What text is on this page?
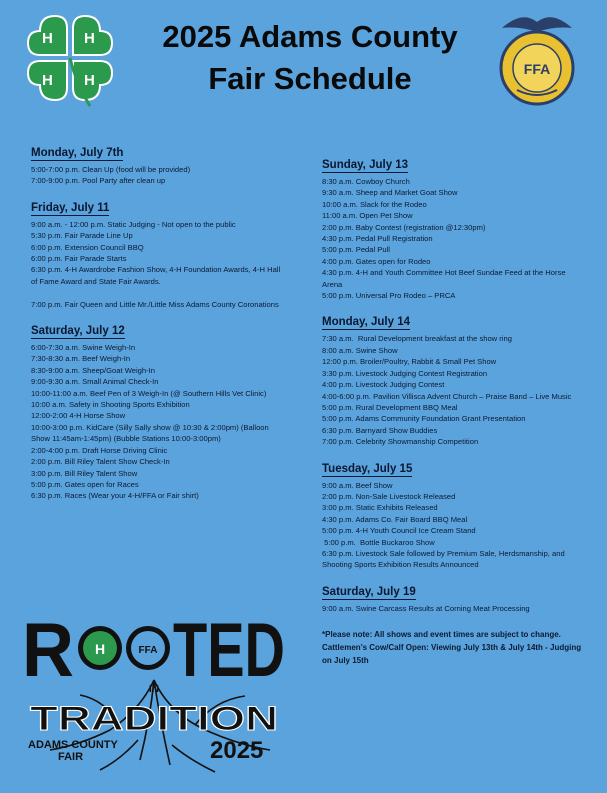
H H
H H
FFA
2025 Adams County
Fair Schedule
Monday, July 7th
5:00-7:00 p.m. Clean Up (food will be provided)
7:00-9:00 p.m. Pool Party after clean up
Friday, July 11
9:00 a.m. - 12:00 p.m. Static Judging - Not open to the public
5:30 p.m. Fair Parade Line Up
6:00 p.m. Extension Council BBQ
6:00 p.m. Fair Parade Starts
6:30 p.m. 4-H Awardrobe Fashion Show, 4-H Foundation Awards, 4-H Hall of Fame Award and State Fair Awards.
7:00 p.m. Fair Queen and Little Mr./Little Miss Adams County Coronations
Saturday, July 12
6:00-7:30 a.m. Swine Weigh-In
7:30-8:30 a.m. Beef Weigh-In
8:30-9:00 a.m. Sheep/Goat Weigh-In
9:00-9:30 a.m. Small Animal Check-In
10:00-11:00 a.m. Beef Pen of 3 Weigh-In (@ Southern Hills Vet Clinic)
10:00 a.m. Safety in Shooting Sports Exhibition
12:00-2:00 4-H Horse Show
10:00-3:00 p.m. KidCare (Silly Sally show @ 10:30 & 2:00pm) (Balloon Show 11:45am-1:45pm) (Bubble Stations 10:00-3:00pm)
2:00-4:00 p.m. Draft Horse Driving Clinic
2:00 p.m. Bill Riley Talent Show Check-In
3:00 p.m. Bill Riley Talent Show
5:00 p.m. Gates open for Races
6:30 p.m. Races (Wear your 4-H/FFA or Fair shirt)
Sunday, July 13
8:30 a.m. Cowboy Church
9:30 a.m. Sheep and Market Goat Show
10:00 a.m. Slack for the Rodeo
11:00 a.m. Open Pet Show
2:00 p.m. Baby Contest (registration @12:30pm)
4:30 p.m. Pedal Pull Registration
5:00 p.m. Pedal Pull
4:00 p.m. Gates open for Rodeo
4:30 p.m. 4-H and Youth Committee Hot Beef Sundae Feed at the Horse Arena
5:00 p.m. Universal Pro Rodeo – PRCA
Monday, July 14
7:30 a.m.  Rural Development breakfast at the show ring
8:00 a.m. Swine Show
12:00 p.m. Broiler/Poultry, Rabbit & Small Pet Show
3:30 p.m. Livestock Judging Contest Registration
4:00 p.m. Livestock Judging Contest
4:00-6:00 p.m. Pavilion Villisca Advent Church – Praise Band – Live Music
5:00 p.m. Rural Development BBQ Meal
5:00 p.m. Adams Community Foundation Grant Presentation
6:30 p.m. Barnyard Show Buddies
7:00 p.m. Celebrity Showmanship Competition
Tuesday, July 15
9:00 a.m. Beef Show
2:00 p.m. Non-Sale Livestock Released
3:00 p.m. Static Exhibits Released
4:30 p.m. Adams Co. Fair Board BBQ Meal
5:00 p.m. 4-H Youth Council Ice Cream Stand
5:00 p.m.  Bottle Buckaroo Show
6:30 p.m. Livestock Sale followed by Premium Sale, Herdsmanship, and Shooting Sports Exhibition Results Announced
Saturday, July 19
9:00 a.m. Swine Carcass Results at Corning Meat Processing
*Please note: All shows and event times are subject to change. Cattlemen’s Cow/Calf Open: Viewing July 13th & July 14th - Judging on July 15th
R H	FFA TED
IN
TRADITION
ADAMS COUNTY
FAIR	2025
